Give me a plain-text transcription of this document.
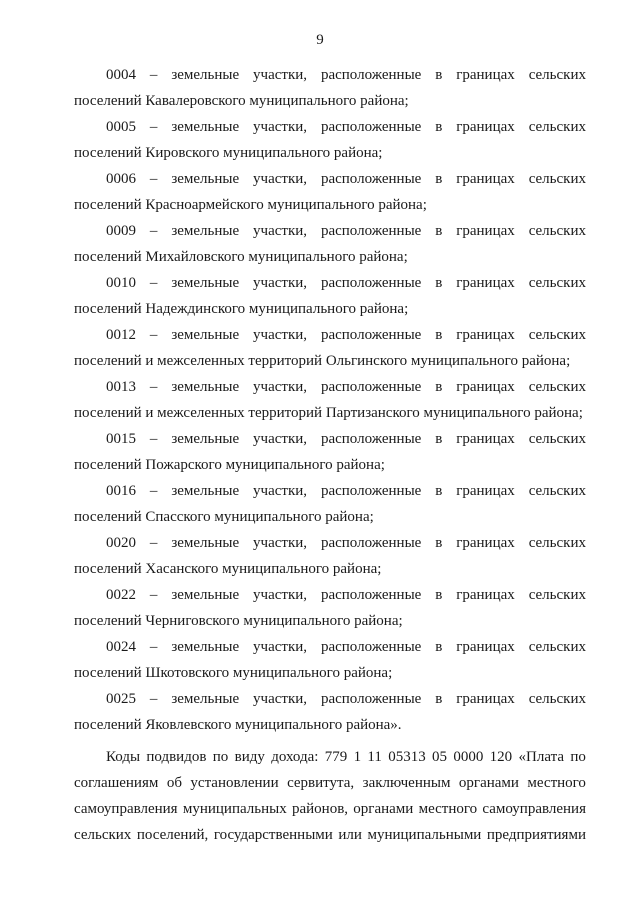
9
0004 – земельные участки, расположенные в границах сельских
поселений Кавалеровского муниципального района;
0005 – земельные участки, расположенные в границах сельских
поселений Кировского муниципального района;
0006 – земельные участки, расположенные в границах сельских
поселений Красноармейского муниципального района;
0009 – земельные участки, расположенные в границах сельских
поселений Михайловского муниципального района;
0010 – земельные участки, расположенные в границах сельских
поселений Надеждинского муниципального района;
0012 – земельные участки, расположенные в границах сельских
поселений и межселенных территорий Ольгинского муниципального района;
0013 – земельные участки, расположенные в границах сельских
поселений и межселенных территорий Партизанского муниципального района;
0015 – земельные участки, расположенные в границах сельских
поселений Пожарского муниципального района;
0016 – земельные участки, расположенные в границах сельских
поселений Спасского муниципального района;
0020 – земельные участки, расположенные в границах сельских
поселений Хасанского муниципального района;
0022 – земельные участки, расположенные в границах сельских
поселений Черниговского муниципального района;
0024 – земельные участки, расположенные в границах сельских
поселений Шкотовского муниципального района;
0025 – земельные участки, расположенные в границах сельских
поселений Яковлевского муниципального района».
Коды подвидов по виду дохода: 779 1 11 05313 05 0000 120 «Плата по
соглашениям об установлении сервитута, заключенным органами местного
самоуправления муниципальных районов, органами местного самоуправления
сельских поселений, государственными или муниципальными предприятиями
